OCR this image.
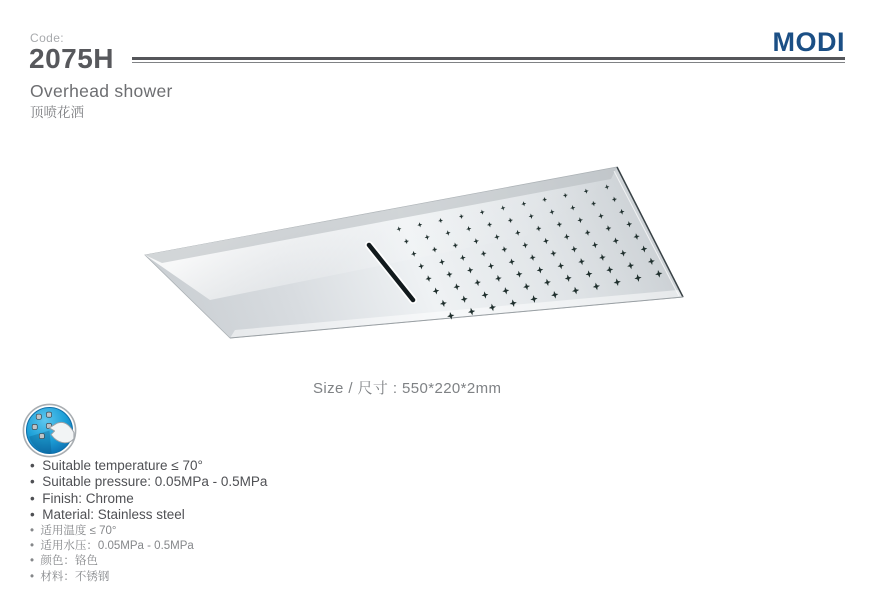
Code:
2075H
MODI
Overhead shower
顶喷花洒
Size / 尺寸 : 550*220*2mm
•  Suitable temperature ≤ 70°
•  Suitable pressure: 0.05MPa - 0.5MPa
•  Finish: Chrome
•  Material: Stainless steel
•  适用温度 ≤ 70°
•  适用水压：0.05MPa - 0.5MPa
•  颜色：铬色
•  材料：不锈钢
